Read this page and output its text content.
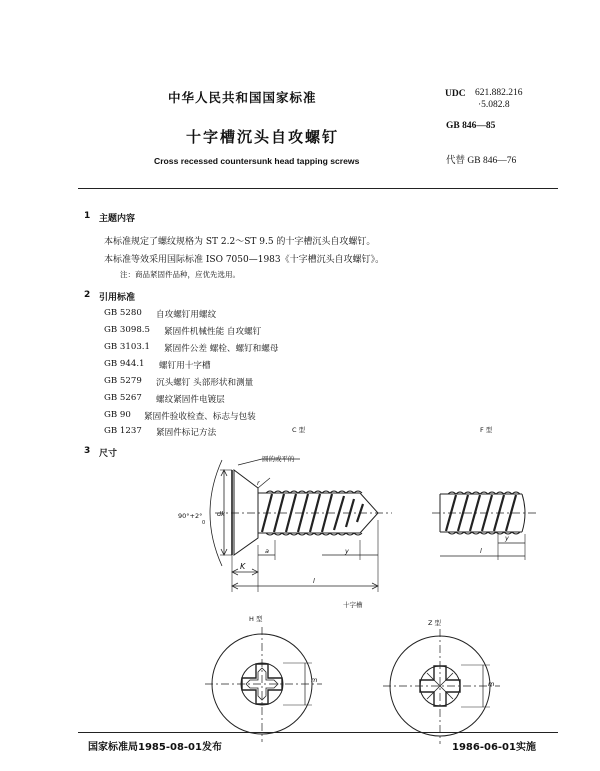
中华人民共和国国家标准
十字槽沉头自攻螺钉
Cross recessed countersunk head tapping screws
UDC 621.882.216
·5.082.8
GB 846—85
代替 GB 846—76
1 主题内容
本标准规定了螺纹规格为 ST 2.2～ST 9.5 的十字槽沉头自攻螺钉。
本标准等效采用国际标准 ISO 7050—1983《十字槽沉头自攻螺钉》。
注：商品紧固件品种，应优先选用。
2 引用标准
GB 5280 自攻螺钉用螺纹
GB 3098.5 紧固件机械性能 自攻螺钉
GB 3103.1 紧固件公差 螺栓、螺钉和螺母
GB 944.1 螺钉用十字槽
GB 5279 沉头螺钉 头部形状和测量
GB 5267 螺纹紧固件电镀层
GB 90 紧固件验收检查、标志与包装
GB 1237 紧固件标记方法
3 尺寸
C 型	F 型
圆的或平的
90°+2°
0
dk
r
a	y
K
l
y
l
十字槽
H 型	Z 型
m	m
国家标准局1985-08-01发布	1986-06-01实施
